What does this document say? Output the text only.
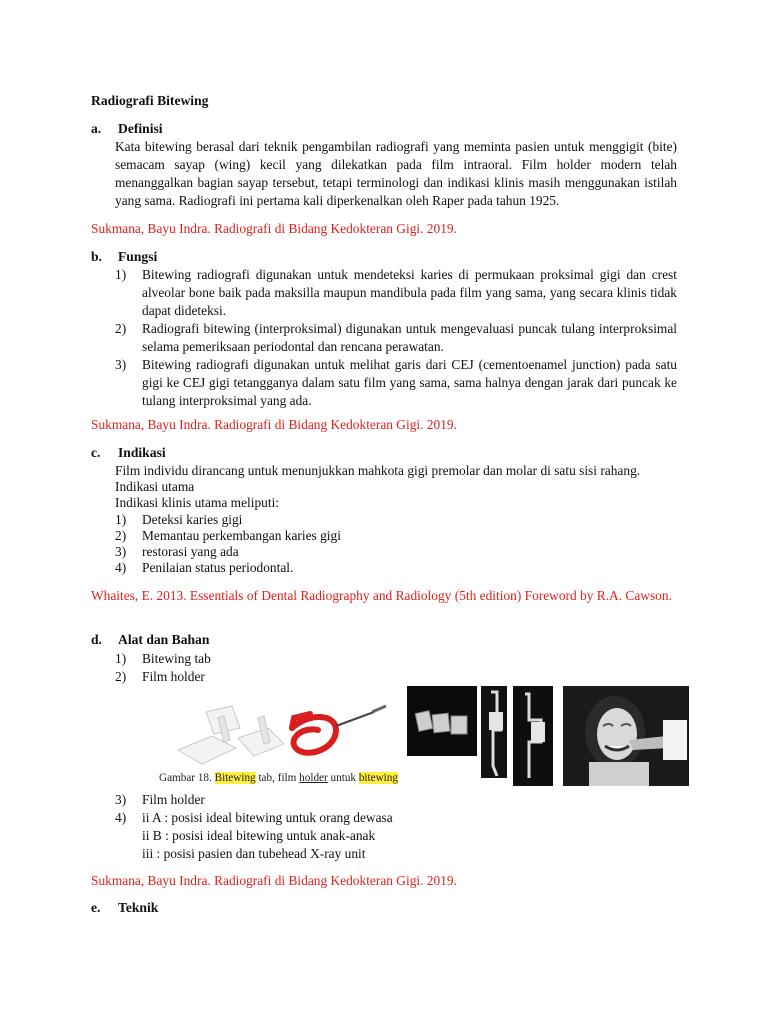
Radiografi Bitewing
a. Definisi
Kata bitewing berasal dari teknik pengambilan radiografi yang meminta pasien untuk menggigit (bite) semacam sayap (wing) kecil yang dilekatkan pada film intraoral. Film holder modern telah menanggalkan bagian sayap tersebut, tetapi terminologi dan indikasi klinis masih menggunakan istilah yang sama. Radiografi ini pertama kali diperkenalkan oleh Raper pada tahun 1925.
Sukmana, Bayu Indra. Radiografi di Bidang Kedokteran Gigi. 2019.
b. Fungsi
1)	Bitewing radiografi digunakan untuk mendeteksi karies di permukaan proksimal gigi dan crest alveolar bone baik pada maksilla maupun mandibula pada film yang sama, yang secara klinis tidak dapat dideteksi.
2)	Radiografi bitewing (interproksimal) digunakan untuk mengevaluasi puncak tulang interproksimal selama pemeriksaan periodontal dan rencana perawatan.
3)	Bitewing radiografi digunakan untuk melihat garis dari CEJ (cementoenamel junction) pada satu gigi ke CEJ gigi tetangganya dalam satu film yang sama, sama halnya dengan jarak dari puncak ke tulang interproksimal yang ada.
Sukmana, Bayu Indra. Radiografi di Bidang Kedokteran Gigi. 2019.
c. Indikasi
Film individu dirancang untuk menunjukkan mahkota gigi premolar dan molar di satu sisi rahang.
Indikasi utama
Indikasi klinis utama meliputi:
1)	Deteksi karies gigi
2)	Memantau perkembangan karies gigi
3)	restorasi yang ada
4)	Penilaian status periodontal.
Whaites, E. 2013. Essentials of Dental Radiography and Radiology (5th edition) Foreword by R.A. Cawson.
d. Alat dan Bahan
1)	Bitewing tab
2)	Film holder
Gambar 18. Bitewing tab, film holder untuk bitewing
3)	Film holder
4)	ii A : posisi ideal bitewing untuk orang dewasa
ii B : posisi ideal bitewing untuk anak-anak
iii : posisi pasien dan tubehead X-ray unit
Sukmana, Bayu Indra. Radiografi di Bidang Kedokteran Gigi. 2019.
e. Teknik
